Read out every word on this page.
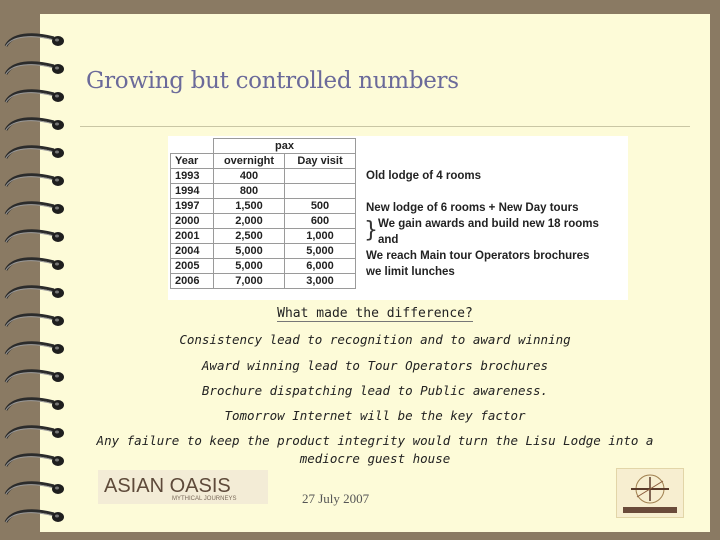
Growing but controlled numbers
	pax	
Year	overnight	Day visit
1993	400	
1994	800	
1997	1,500	500
2000	2,000	600
2001	2,500	1,000
2004	5,000	5,000
2005	5,000	6,000
2006	7,000	3,000
Old lodge of 4 rooms
New lodge of 6 rooms + New Day tours
} We gain awards and build new 18 rooms
and
We reach Main tour Operators brochures
we limit lunches
What made the difference?
Consistency lead to recognition and to award winning
Award winning lead to Tour Operators brochures
Brochure dispatching lead to Public awareness.
Tomorrow Internet will be the key factor
Any failure to keep the product integrity would turn the Lisu Lodge into a
mediocre guest house
ASIAN OASIS
MYTHICAL JOURNEYS	27 July 2007
